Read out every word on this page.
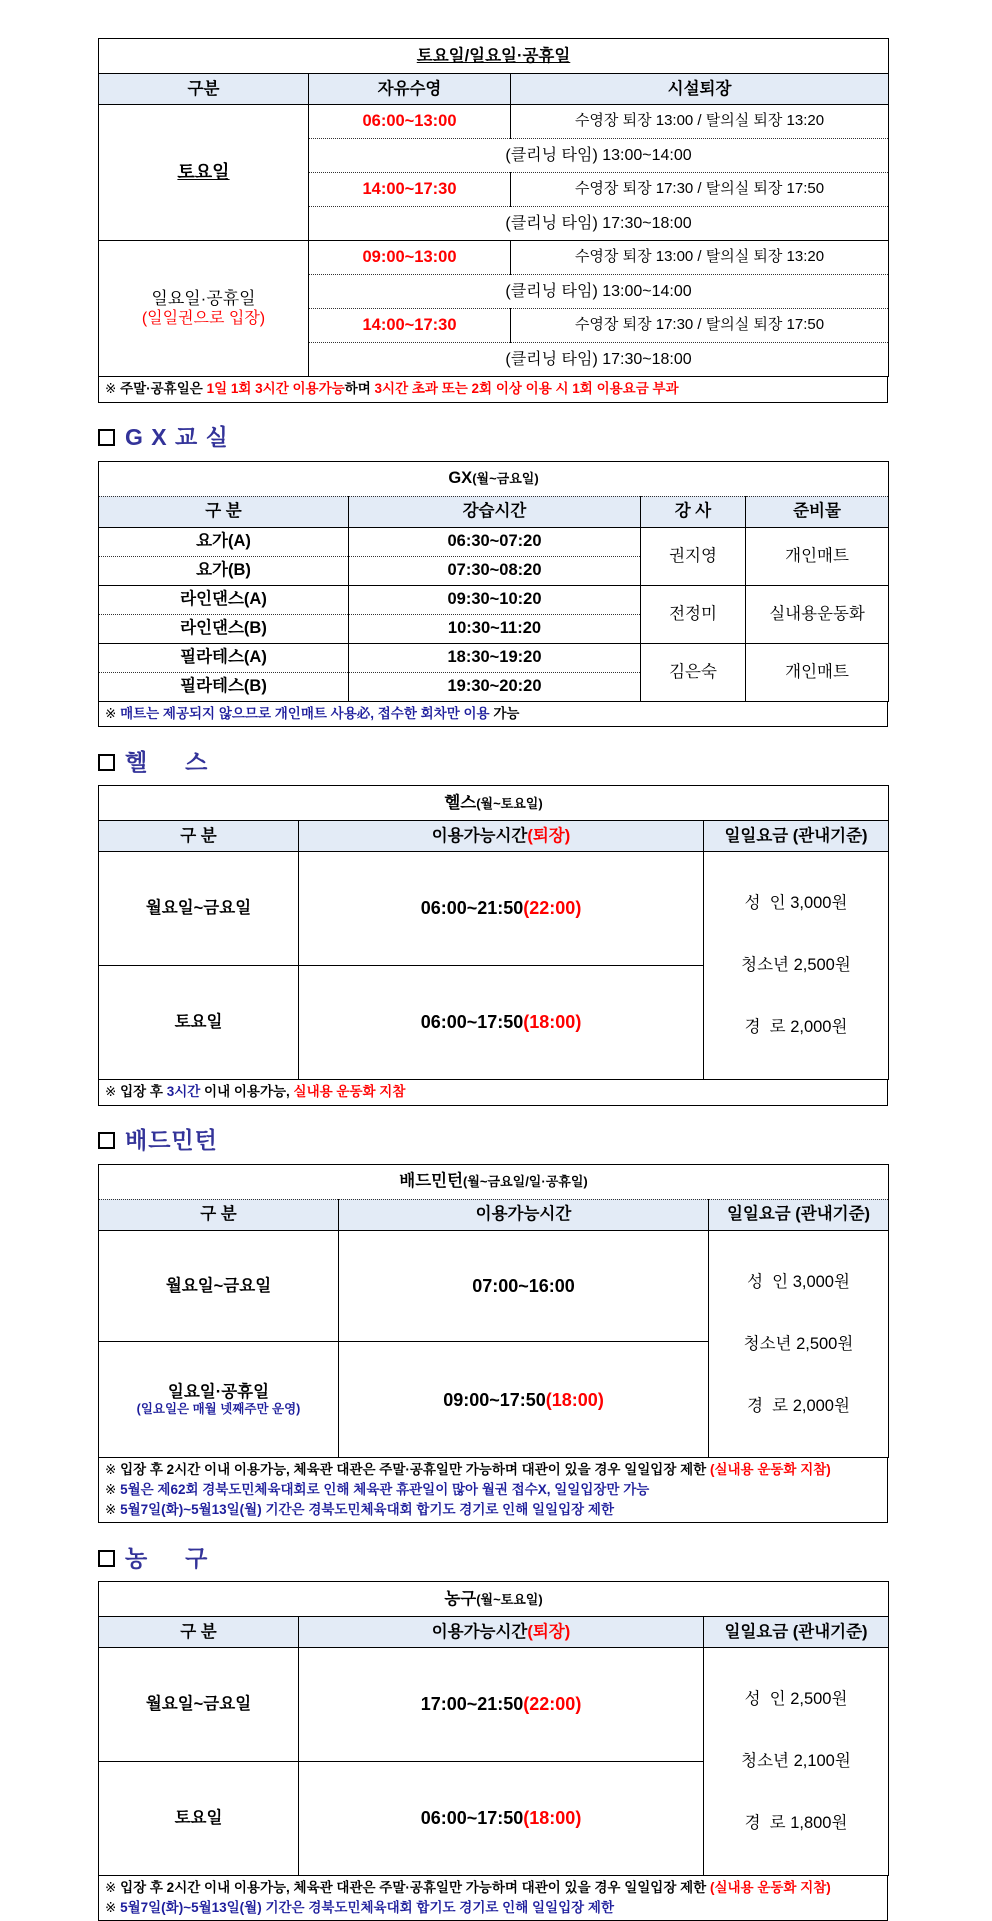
토요일/일요일·공휴일		
구분	자유수영	시설퇴장
토요일	06:00~13:00	수영장 퇴장 13:00 / 탈의실 퇴장 13:20
	(클리닝 타임) 13:00~14:00	
	14:00~17:30	수영장 퇴장 17:30 / 탈의실 퇴장 17:50
	(클리닝 타임) 17:30~18:00	

일요일·공휴일
(일일권으로 입장)	09:00~13:00	수영장 퇴장 13:00 / 탈의실 퇴장 13:20
	(클리닝 타임) 13:00~14:00	
	14:00~17:30	수영장 퇴장 17:30 / 탈의실 퇴장 17:50
	(클리닝 타임) 17:30~18:00	
※ 주말·공휴일은 1일 1회 3시간 이용가능하며 3시간 초과 또는 2회 이상 이용 시 1회 이용요금 부과
G X 교 실
GX(월~금요일)			
구 분	강습시간	강 사	준비물
요가(A)	06:30~07:20	권지영	개인매트
요가(B)	07:30~08:20		
라인댄스(A)	09:30~10:20	전정미	실내용운동화
라인댄스(B)	10:30~11:20		
필라테스(A)	18:30~19:20	김은숙	개인매트
필라테스(B)	19:30~20:20		
※ 매트는 제공되지 않으므로 개인매트 사용必, 접수한 회차만 이용 가능
헬     스
헬스(월~토요일)		
구 분	이용가능시간(퇴장)	일일요금 (관내기준)
월요일~금요일	06:00~21:50(22:00)	성  인 3,000원

청소년 2,500원

경  로 2,000원

토요일	06:00~17:50(18:00)	
※ 입장 후 3시간 이내 이용가능, 실내용 운동화 지참
배드민턴
배드민턴(월~금요일/일·공휴일)		
구 분	이용가능시간	일일요금 (관내기준)
월요일~금요일	07:00~16:00	성  인 3,000원

청소년 2,500원

경  로 2,000원

일요일·공휴일
(일요일은 매월 넷째주만 운영)	09:00~17:50(18:00)	
※ 입장 후 2시간 이내 이용가능, 체육관 대관은 주말·공휴일만 가능하며 대관이 있을 경우 일일입장 제한 (실내용 운동화 지참)
※ 5월은 제62회 경북도민체육대회로 인해 체육관 휴관일이 많아 월권 접수X, 일일입장만 가능
※ 5월7일(화)~5월13일(월) 기간은 경북도민체육대회 합기도 경기로 인해 일일입장 제한
농     구
농구(월~토요일)		
구 분	이용가능시간(퇴장)	일일요금 (관내기준)
월요일~금요일	17:00~21:50(22:00)	성  인 2,500원

청소년 2,100원

경  로 1,800원

토요일	06:00~17:50(18:00)	
※ 입장 후 2시간 이내 이용가능, 체육관 대관은 주말·공휴일만 가능하며 대관이 있을 경우 일일입장 제한 (실내용 운동화 지참)
※ 5월7일(화)~5월13일(월) 기간은 경북도민체육대회 합기도 경기로 인해 일일입장 제한
